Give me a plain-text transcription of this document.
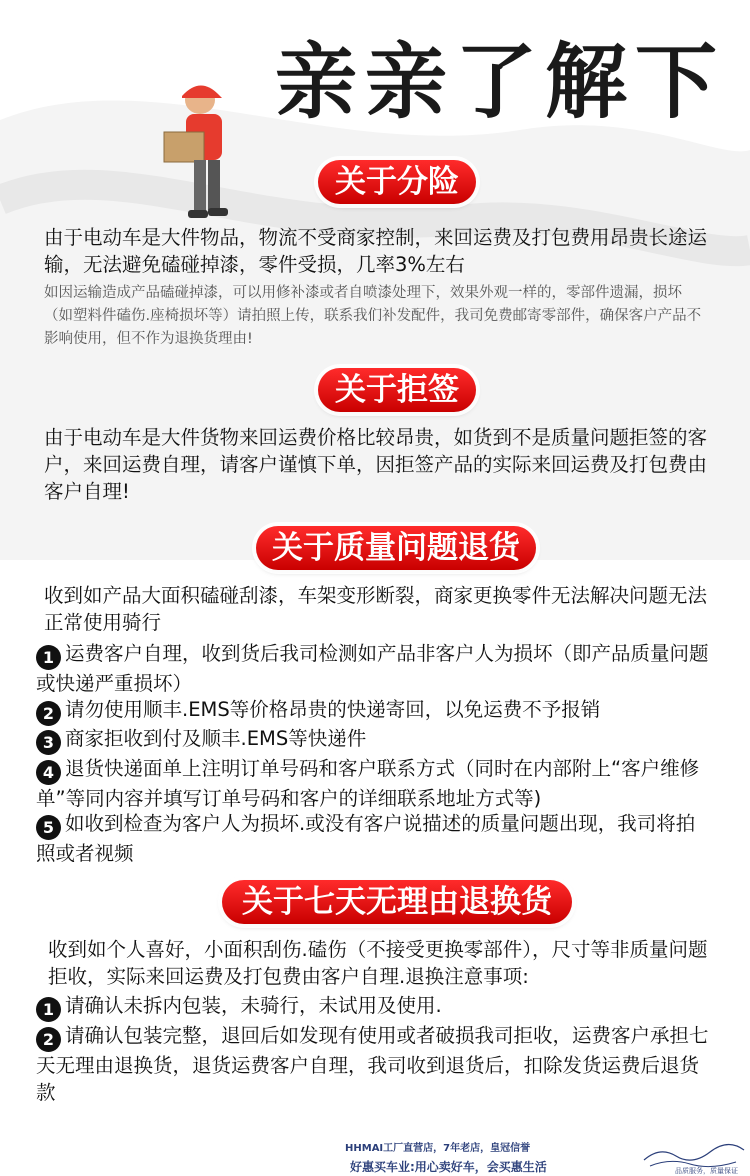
亲亲了解下
关于分险
由于电动车是大件物品，物流不受商家控制，来回运费及打包费用昂贵长途运输，无法避免磕碰掉漆，零件受损，几率3%左右
如因运输造成产品磕碰掉漆，可以用修补漆或者自喷漆处理下，效果外观一样的，零部件遗漏，损坏（如塑料件磕伤.座椅损坏等）请拍照上传，联系我们补发配件，我司免费邮寄零部件，确保客户产品不影响使用，但不作为退换货理由!
关于拒签
由于电动车是大件货物来回运费价格比较昂贵，如货到不是质量问题拒签的客户，来回运费自理，请客户谨慎下单，因拒签产品的实际来回运费及打包费由客户自理!
关于质量问题退货
收到如产品大面积磕碰刮漆，车架变形断裂，商家更换零件无法解决问题无法正常使用骑行
1 运费客户自理，收到货后我司检测如产品非客户人为损坏（即产品质量问题或快递严重损坏）
2 请勿使用顺丰.EMS等价格昂贵的快递寄回，以免运费不予报销
3 商家拒收到付及顺丰.EMS等快递件
4 退货快递面单上注明订单号码和客户联系方式（同时在内部附上“客户维修单”等同内容并填写订单号码和客户的详细联系地址方式等)
5 如收到检查为客户人为损坏.或没有客户说描述的质量问题出现，我司将拍照或者视频
关于七天无理由退换货
收到如个人喜好，小面积刮伤.磕伤（不接受更换零部件），尺寸等非质量问题拒收，实际来回运费及打包费由客户自理.退换注意事项:
1 请确认未拆内包装，未骑行，未试用及使用.
2 请确认包装完整，退回后如发现有使用或者破损我司拒收，运费客户承担七天无理由退换货，退货运费客户自理，我司收到退货后，扣除发货运费后退货款
HHMAI工厂直营店，7年老店，皇冠信誉
好惠买车业:用心卖好车，会买惠生活	品质服务，质量保证
